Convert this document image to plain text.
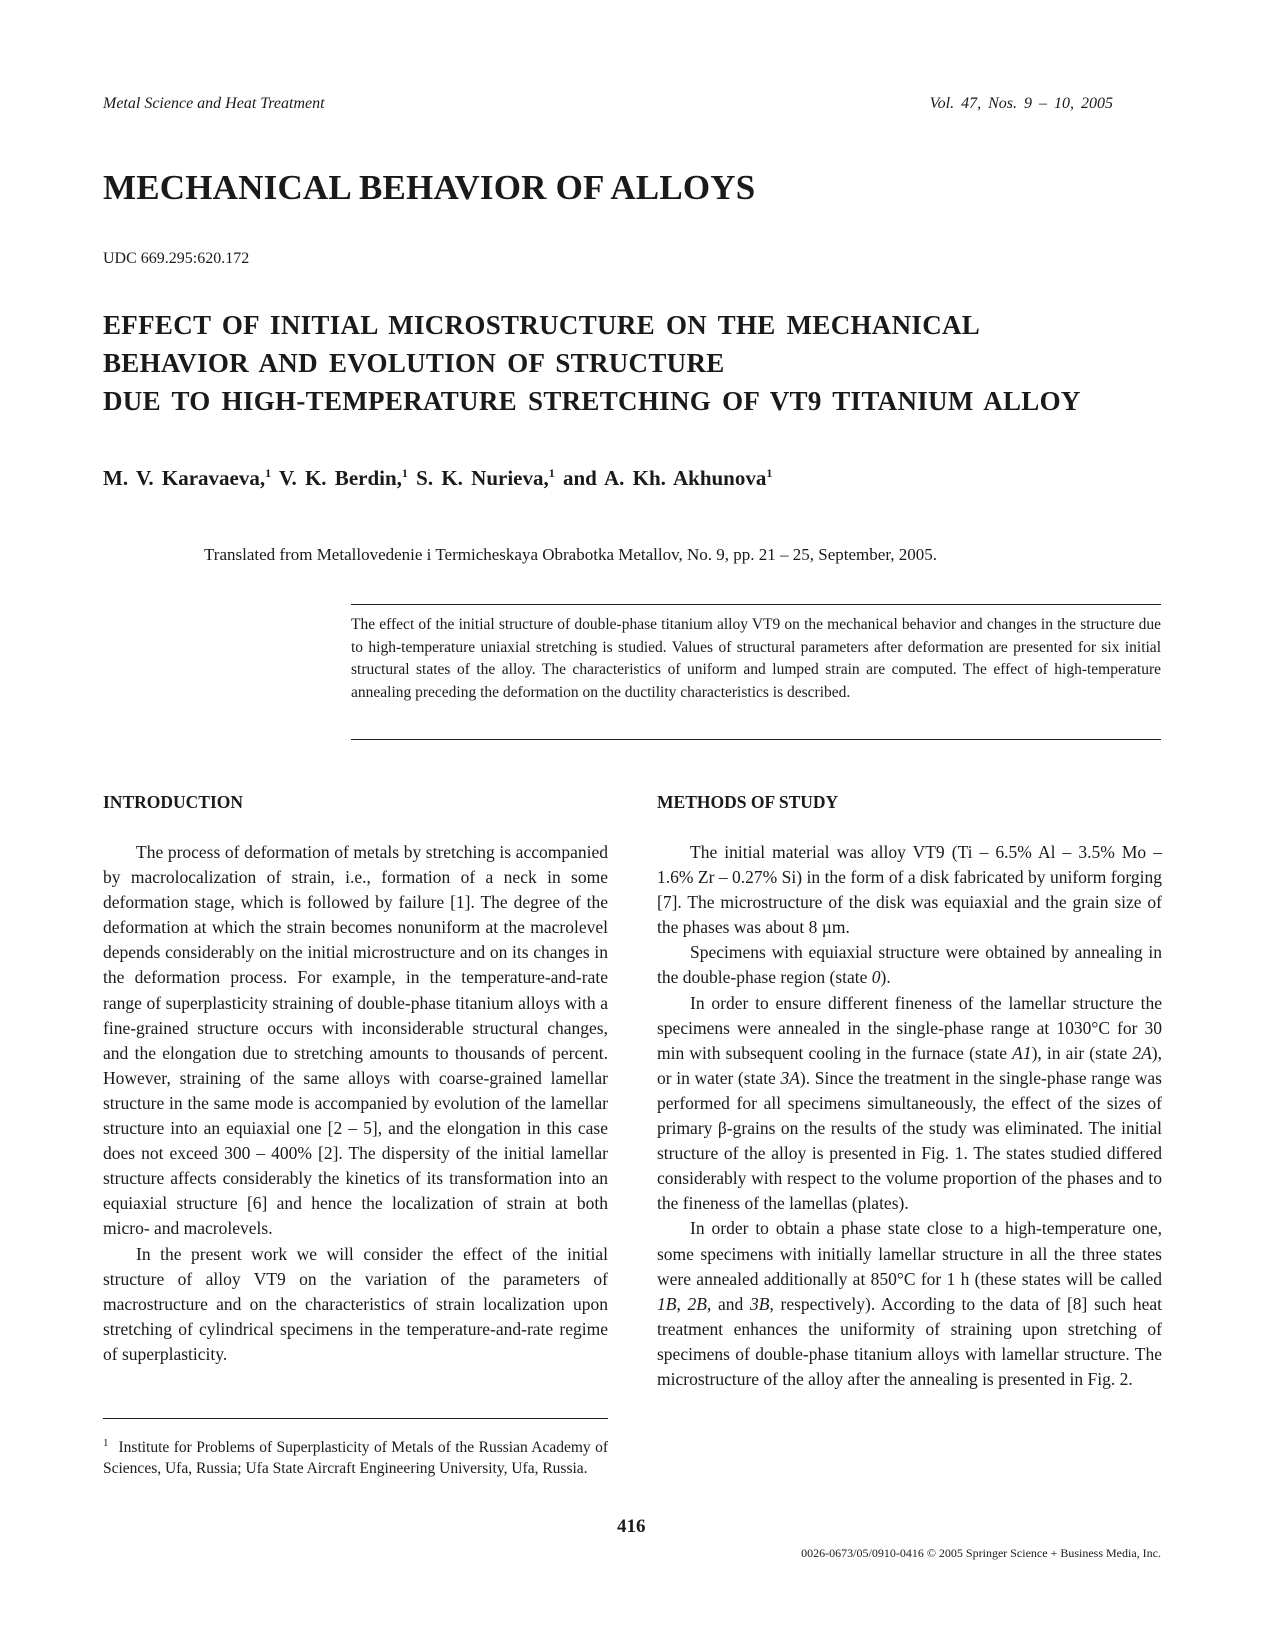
Metal Science and Heat Treatment	Vol. 47, Nos. 9 – 10, 2005
MECHANICAL BEHAVIOR OF ALLOYS
UDC 669.295:620.172
EFFECT OF INITIAL MICROSTRUCTURE ON THE MECHANICAL
BEHAVIOR AND EVOLUTION OF STRUCTURE
DUE TO HIGH-TEMPERATURE STRETCHING OF VT9 TITANIUM ALLOY
M. V. Karavaeva,$^1$ V. K. Berdin,$^1$ S. K. Nurieva,$^1$ and A. Kh. Akhunova$^1$
Translated from Metallovedenie i Termicheskaya Obrabotka Metallov, No. 9, pp. 21 – 25, September, 2005.
The effect of the initial structure of double-phase titanium alloy VT9 on the mechanical behavior and changes in the structure due to high-temperature uniaxial stretching is studied. Values of structural parameters after deformation are presented for six initial structural states of the alloy. The characteristics of uniform and lumped strain are computed. The effect of high-temperature annealing preceding the deformation on the ductility characteristics is described.
INTRODUCTION

The process of deformation of metals by stretching is accompanied by macrolocalization of strain, i.e., formation of a neck in some deformation stage, which is followed by failure [1]. The degree of the deformation at which the strain becomes nonuniform at the macrolevel depends considerably on the initial microstructure and on its changes in the deformation process. For example, in the temperature-and-rate range of superplasticity straining of double-phase titanium alloys with a fine-grained structure occurs with inconsiderable structural changes, and the elongation due to stretching amounts to thousands of percent. However, straining of the same alloys with coarse-grained lamellar structure in the same mode is accompanied by evolution of the lamellar structure into an equiaxial one [2 – 5], and the elongation in this case does not exceed 300 – 400% [2]. The dispersity of the initial lamellar structure affects considerably the kinetics of its transformation into an equiaxial structure [6] and hence the localization of strain at both micro- and macrolevels.

In the present work we will consider the effect of the initial structure of alloy VT9 on the variation of the parameters of macrostructure and on the characteristics of strain localization upon stretching of cylindrical specimens in the temperature-and-rate regime of superplasticity.

$^1$ Institute for Problems of Superplasticity of Metals of the Russian Academy of Sciences, Ufa, Russia; Ufa State Aircraft Engineering University, Ufa, Russia.
METHODS OF STUDY

The initial material was alloy VT9 (Ti – 6.5% Al – 3.5% Mo – 1.6% Zr – 0.27% Si) in the form of a disk fabricated by uniform forging [7]. The microstructure of the disk was equiaxial and the grain size of the phases was about 8 µm.

Specimens with equiaxial structure were obtained by annealing in the double-phase region (state 0).

In order to ensure different fineness of the lamellar structure the specimens were annealed in the single-phase range at 1030°C for 30 min with subsequent cooling in the furnace (state A1), in air (state 2A), or in water (state 3A). Since the treatment in the single-phase range was performed for all specimens simultaneously, the effect of the sizes of primary β-grains on the results of the study was eliminated. The initial structure of the alloy is presented in Fig. 1. The states studied differed considerably with respect to the volume proportion of the phases and to the fineness of the lamellas (plates).

In order to obtain a phase state close to a high-temperature one, some specimens with initially lamellar structure in all the three states were annealed additionally at 850°C for 1 h (these states will be called 1B, 2B, and 3B, respectively). According to the data of [8] such heat treatment enhances the uniformity of straining upon stretching of specimens of double-phase titanium alloys with lamellar structure. The microstructure of the alloy after the annealing is presented in Fig. 2.

416
0026-0673/05/0910-0416 © 2005 Springer Science + Business Media, Inc.
